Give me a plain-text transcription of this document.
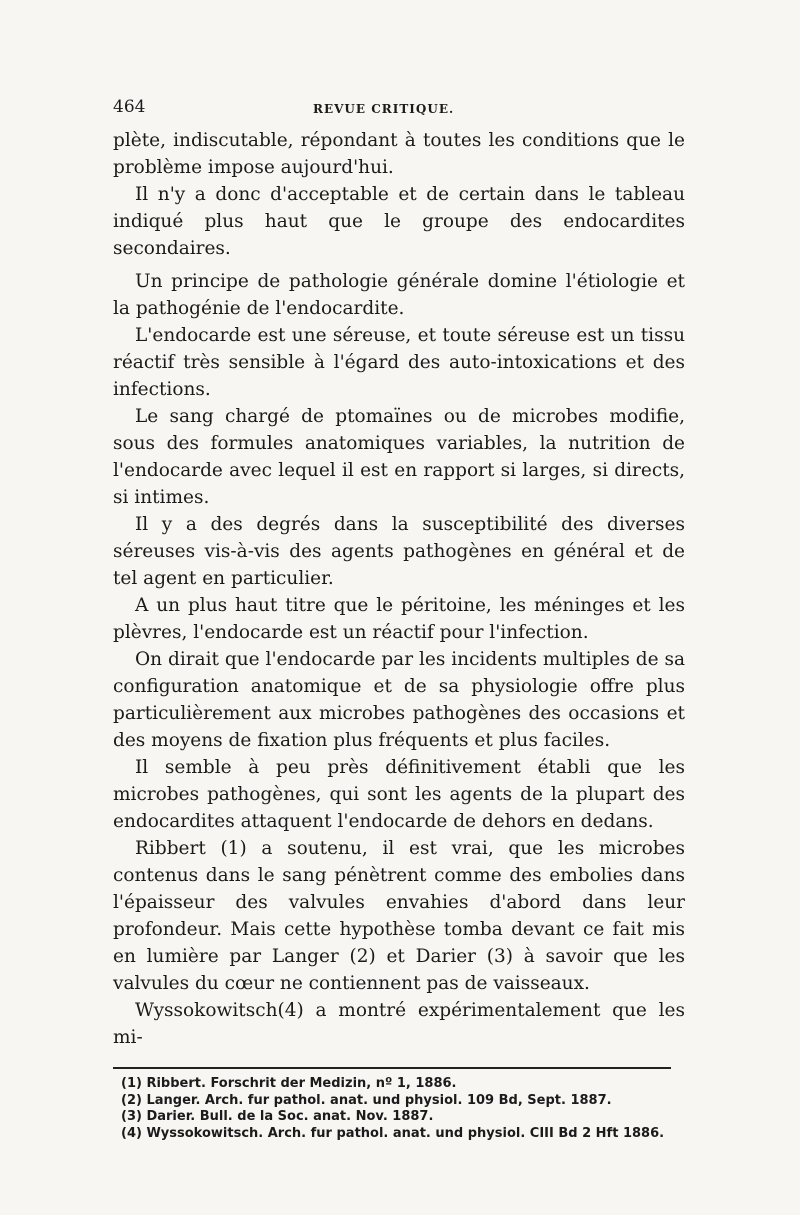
464	REVUE CRITIQUE.

plète, indiscutable, répondant à toutes les conditions que le problème impose aujourd'hui.

Il n'y a donc d'acceptable et de certain dans le tableau indiqué plus haut que le groupe des endocardites secondaires.

Un principe de pathologie générale domine l'étiologie et la pathogénie de l'endocardite.

L'endocarde est une séreuse, et toute séreuse est un tissu réactif très sensible à l'égard des auto-intoxications et des infections.

Le sang chargé de ptomaïnes ou de microbes modifie, sous des formules anatomiques variables, la nutrition de l'endocarde avec lequel il est en rapport si larges, si directs, si intimes.

Il y a des degrés dans la susceptibilité des diverses séreuses vis-à-vis des agents pathogènes en général et de tel agent en particulier.

A un plus haut titre que le péritoine, les méninges et les plèvres, l'endocarde est un réactif pour l'infection.

On dirait que l'endocarde par les incidents multiples de sa configuration anatomique et de sa physiologie offre plus particulièrement aux microbes pathogènes des occasions et des moyens de fixation plus fréquents et plus faciles.

Il semble à peu près définitivement établi que les microbes pathogènes, qui sont les agents de la plupart des endocardites attaquent l'endocarde de dehors en dedans.

Ribbert (1) a soutenu, il est vrai, que les microbes contenus dans le sang pénètrent comme des embolies dans l'épaisseur des valvules envahies d'abord dans leur profondeur. Mais cette hypothèse tomba devant ce fait mis en lumière par Langer (2) et Darier (3) à savoir que les valvules du cœur ne contiennent pas de vaisseaux.

Wyssokowitsch(4) a montré expérimentalement que les mi-

(1) Ribbert. Forschrit der Medizin, nº 1, 1886.
(2) Langer. Arch. fur pathol. anat. und physiol. 109 Bd, Sept. 1887.
(3) Darier. Bull. de la Soc. anat. Nov. 1887.
(4) Wyssokowitsch. Arch. fur pathol. anat. und physiol. CIII Bd 2 Hft 1886.
